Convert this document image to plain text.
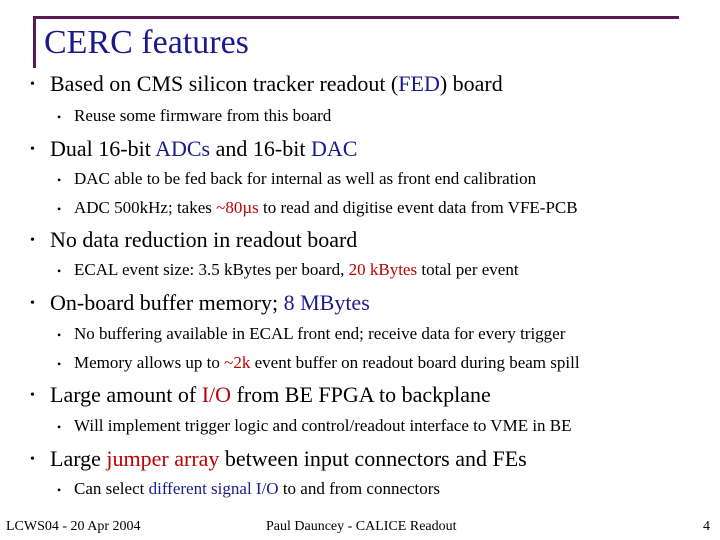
CERC features
• Based on CMS silicon tracker readout (FED) board
• Reuse some firmware from this board
• Dual 16-bit ADCs and 16-bit DAC
• DAC able to be fed back for internal as well as front end calibration
• ADC 500kHz; takes ~80µs to read and digitise event data from VFE-PCB
• No data reduction in readout board
• ECAL event size: 3.5 kBytes per board, 20 kBytes total per event
• On-board buffer memory; 8 MBytes
• No buffering available in ECAL front end; receive data for every trigger
• Memory allows up to ~2k event buffer on readout board during beam spill
• Large amount of I/O from BE FPGA to backplane
• Will implement trigger logic and control/readout interface to VME in BE
• Large jumper array between input connectors and FEs
• Can select different signal I/O to and from connectors
LCWS04 - 20 Apr 2004	Paul Dauncey - CALICE Readout	4
